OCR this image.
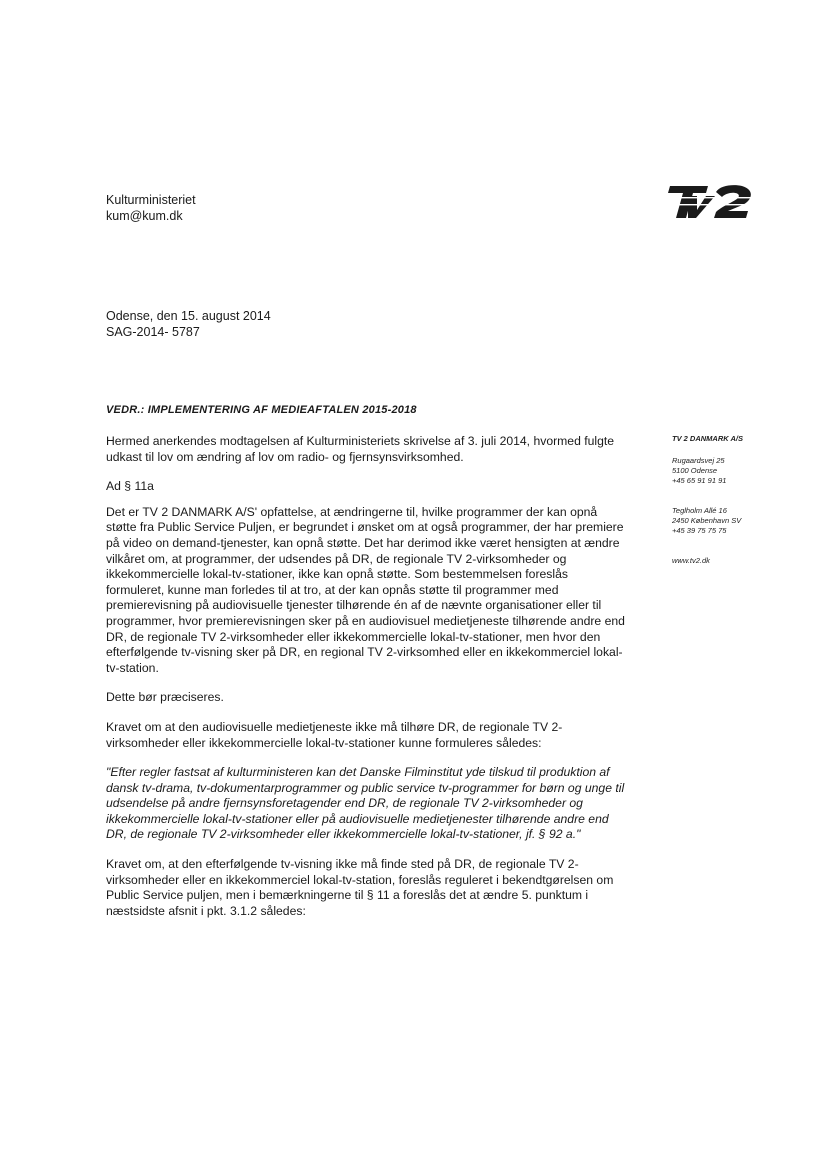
Kulturministeriet
kum@kum.dk
Odense, den 15. august 2014
SAG-2014- 5787
VEDR.: IMPLEMENTERING AF MEDIEAFTALEN 2015-2018

Hermed anerkendes modtagelsen af Kulturministeriets skrivelse af 3. juli 2014, hvormed fulgte udkast til lov om ændring af lov om radio- og fjernsynsvirksomhed.

Ad § 11a

Det er TV 2 DANMARK A/S' opfattelse, at ændringerne til, hvilke programmer der kan opnå støtte fra Public Service Puljen, er begrundet i ønsket om at også programmer, der har premiere på video on demand-tjenester, kan opnå støtte. Det har derimod ikke været hensigten at ændre vilkåret om, at programmer, der udsendes på DR, de regionale TV 2-virksomheder og ikkekommercielle lokal-tv-stationer, ikke kan opnå støtte. Som bestemmelsen foreslås formuleret, kunne man forledes til at tro, at der kan opnås støtte til programmer med premierevisning på audiovisuelle tjenester tilhørende én af de nævnte organisationer eller til programmer, hvor premierevisningen sker på en audiovisuel medietjeneste tilhørende andre end DR, de regionale TV 2-virksomheder eller ikkekommercielle lokal-tv-stationer, men hvor den efterfølgende tv-visning sker på DR, en regional TV 2-virksomhed eller en ikkekommerciel lokal-tv-station.

Dette bør præciseres.

Kravet om at den audiovisuelle medietjeneste ikke må tilhøre DR, de regionale TV 2-virksomheder eller ikkekommercielle lokal-tv-stationer kunne formuleres således:

"Efter regler fastsat af kulturministeren kan det Danske Filminstitut yde tilskud til produktion af dansk tv-drama, tv-dokumentarprogrammer og public service tv-programmer for børn og unge til udsendelse på andre fjernsynsforetagender end DR, de regionale TV 2-virksomheder og ikkekommercielle lokal-tv-stationer eller på audiovisuelle medietjenester tilhørende andre end DR, de regionale TV 2-virksomheder eller ikkekommercielle lokal-tv-stationer, jf. § 92 a."

Kravet om, at den efterfølgende tv-visning ikke må finde sted på DR, de regionale TV 2-virksomheder eller en ikkekommerciel lokal-tv-station, foreslås reguleret i bekendtgørelsen om Public Service puljen, men i bemærkningerne til § 11 a foreslås det at ændre 5. punktum i næstsidste afsnit i pkt. 3.1.2 således:

TV 2 DANMARK A/S
Rugaardsvej 25
5100 Odense
+45 65 91 91 91
Teglholm Allé 16
2450 København SV
+45 39 75 75 75
www.tv2.dk
